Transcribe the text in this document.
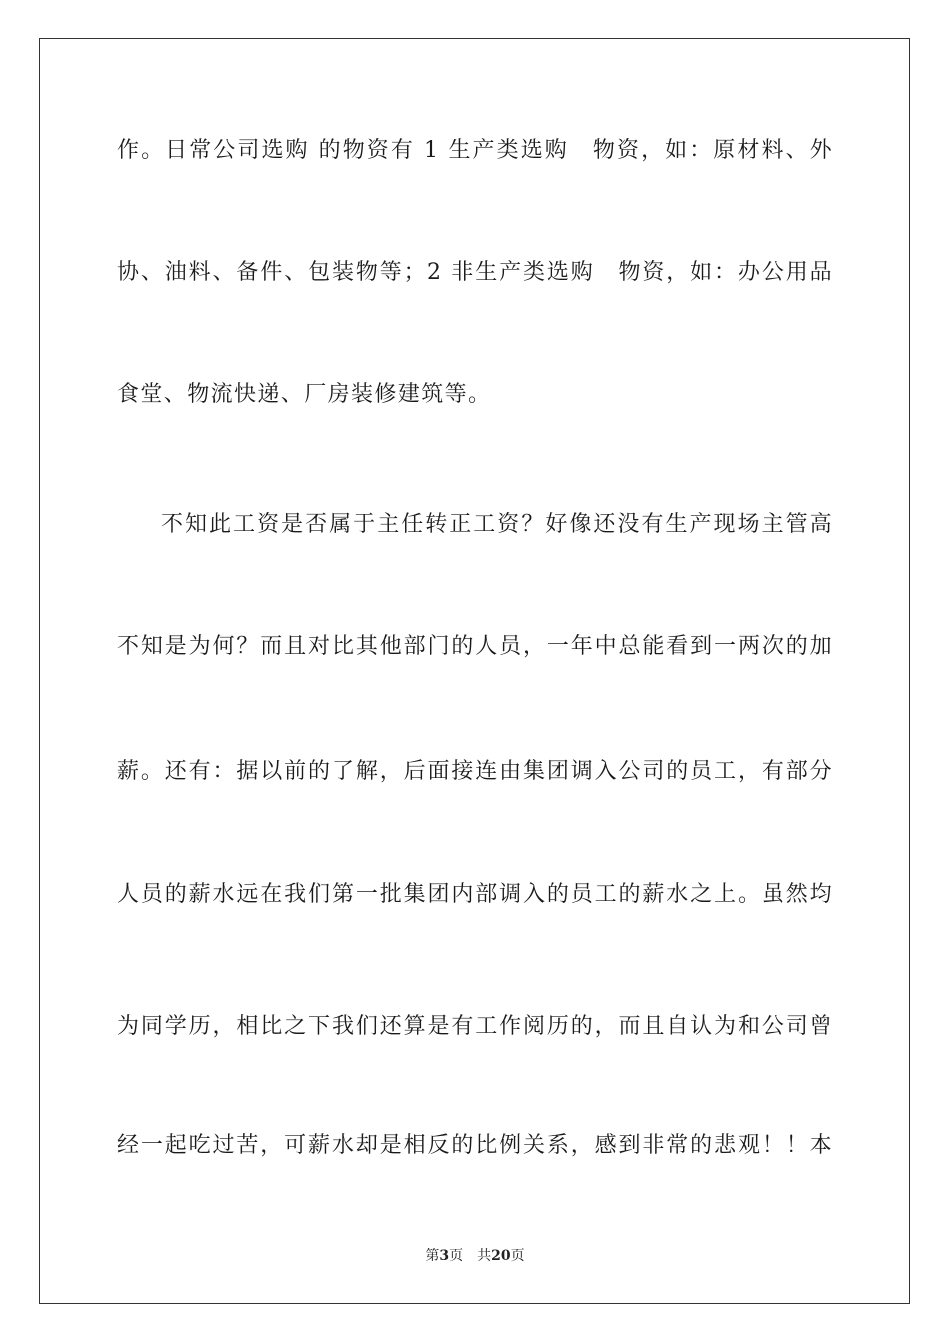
作。日常公司选购 的物资有 1 生产类选购　物资，如：原材料、外
协、油料、备件、包装物等；2 非生产类选购　物资，如：办公用品
食堂、物流快递、厂房装修建筑等。
不知此工资是否属于主任转正工资？好像还没有生产现场主管高
不知是为何？而且对比其他部门的人员，一年中总能看到一两次的加
薪。还有：据以前的了解，后面接连由集团调入公司的员工，有部分
人员的薪水远在我们第一批集团内部调入的员工的薪水之上。虽然均
为同学历，相比之下我们还算是有工作阅历的，而且自认为和公司曾
经一起吃过苦，可薪水却是相反的比例关系，感到非常的悲观！！本
第3页 共20页
